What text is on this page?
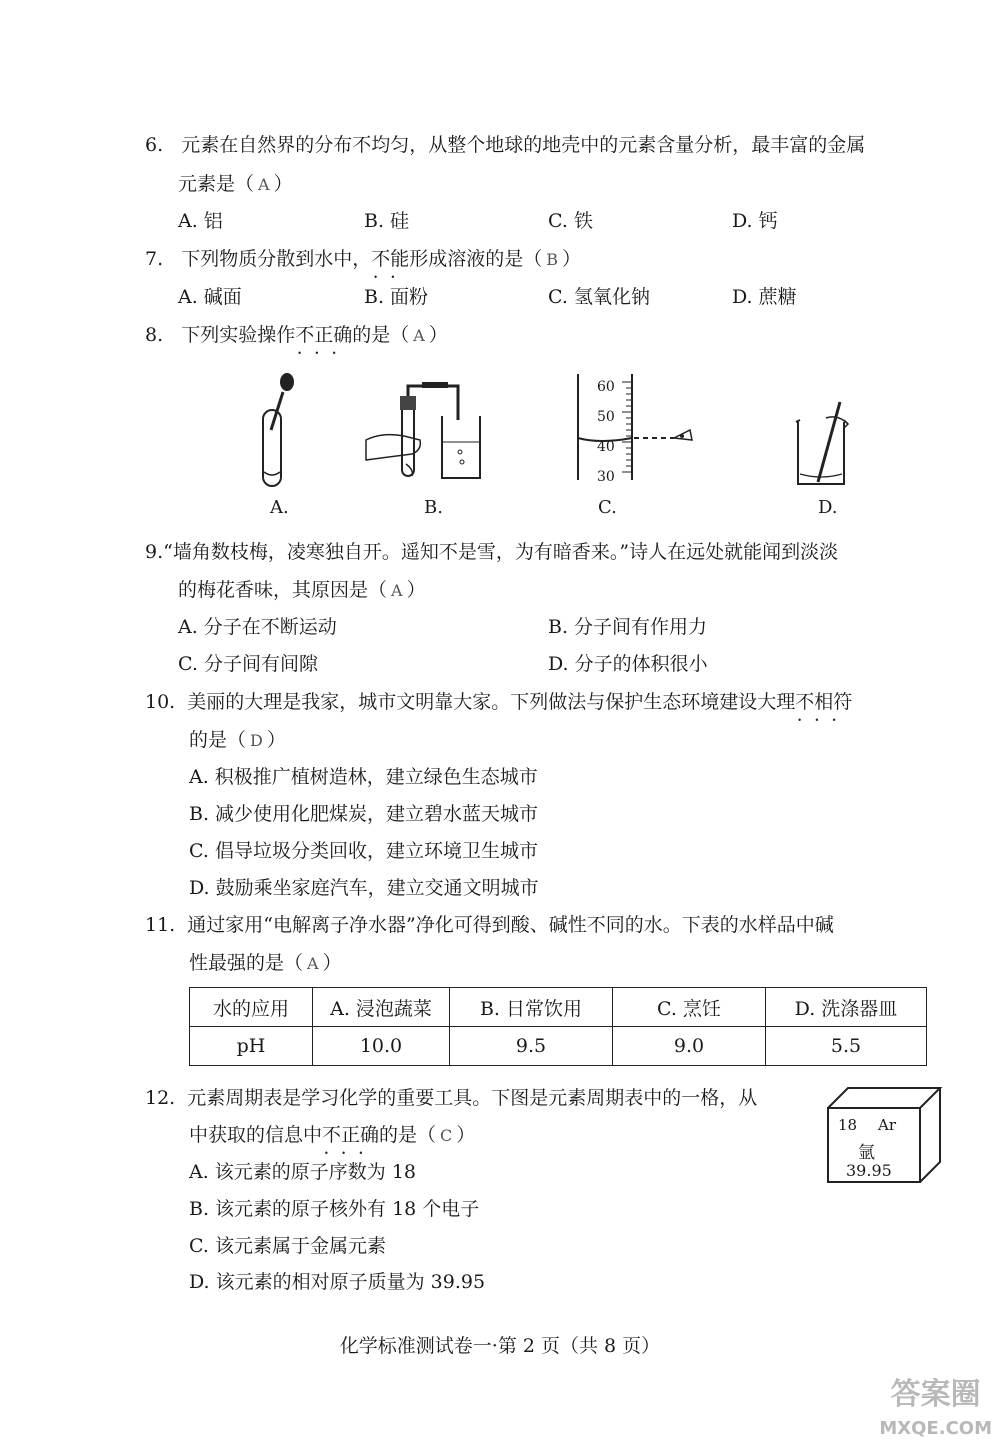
6. 元素在自然界的分布不均匀，从整个地球的地壳中的元素含量分析，最丰富的金属
元素是（ A ）
A. 铝	B. 硅	C. 铁	D. 钙
7. 下列物质分散到水中，不能 • •形成溶液的是（ B ）
A. 碱面	B. 面粉	C. 氢氧化钠	D. 蔗糖
8. 下列实验操作不正确 • • •的是（ A ）
A.	B.
60
50
40
30
C.	D.
9.“墙角数枝梅，凌寒独自开。遥知不是雪，为有暗香来。”诗人在远处就能闻到淡淡
的梅花香味，其原因是（ A ）
A. 分子在不断运动	B. 分子间有作用力
C. 分子间有间隙	D. 分子的体积很小
10. 美丽的大理是我家，城市文明靠大家。下列做法与保护生态环境建设大理不相符 • • •
的是（ D ）
A. 积极推广植树造林，建立绿色生态城市
B. 减少使用化肥煤炭，建立碧水蓝天城市
C. 倡导垃圾分类回收，建立环境卫生城市
D. 鼓励乘坐家庭汽车，建立交通文明城市
11. 通过家用“电解离子净水器”净化可得到酸、碱性不同的水。下表的水样品中碱
性最强的是（ A ）
水的应用	A. 浸泡蔬菜	B. 日常饮用	C. 烹饪	D. 洗涤器皿
pH	10.0	9.5	9.0	5.5
12. 元素周期表是学习化学的重要工具。下图是元素周期表中的一格，从
中获取的信息中不正确 • • •的是（ C ）
A. 该元素的原子序数为 18
B. 该元素的原子核外有 18 个电子
C. 该元素属于金属元素
D. 该元素的相对原子质量为 39.95
18 Ar
氩
39.95
化学标准测试卷一·第 2 页（共 8 页）
答案圈
MXQE.COM
